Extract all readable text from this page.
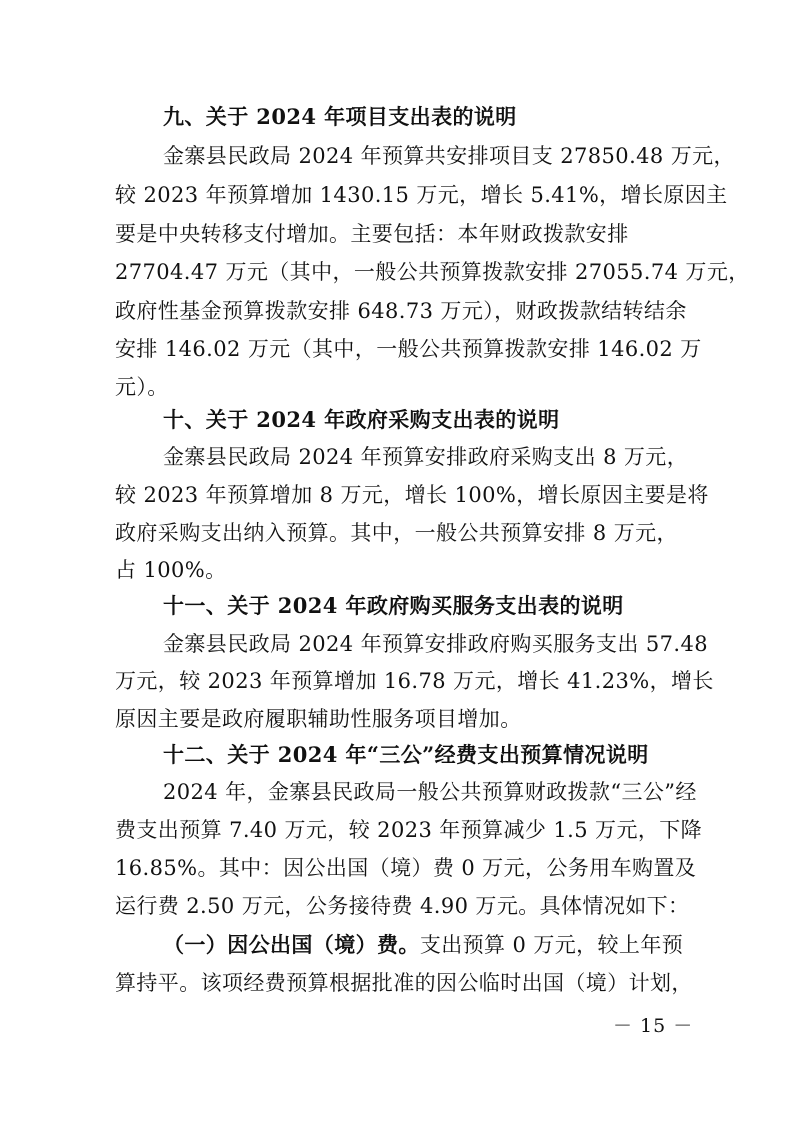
九、关于 2024 年项目支出表的说明

金寨县民政局 2024 年预算共安排项目支 27850.48 万元，

较 2023 年预算增加 1430.15 万元，增长 5.41%，增长原因主

要是中央转移支付增加。主要包括：本年财政拨款安排

27704.47 万元（其中，一般公共预算拨款安排 27055.74 万元，

政府性基金预算拨款安排 648.73 万元），财政拨款结转结余

安排 146.02 万元（其中，一般公共预算拨款安排 146.02 万

元）。

十、关于 2024 年政府采购支出表的说明

金寨县民政局 2024 年预算安排政府采购支出 8 万元，

较 2023 年预算增加 8 万元，增长 100%，增长原因主要是将

政府采购支出纳入预算。其中，一般公共预算安排 8 万元，

占 100%。

十一、关于 2024 年政府购买服务支出表的说明

金寨县民政局 2024 年预算安排政府购买服务支出 57.48

万元，较 2023 年预算增加 16.78 万元，增长 41.23%，增长

原因主要是政府履职辅助性服务项目增加。

十二、关于 2024 年“三公”经费支出预算情况说明

2024 年，金寨县民政局一般公共预算财政拨款“三公”经

费支出预算 7.40 万元，较 2023 年预算减少 1.5 万元，下降

16.85%。其中：因公出国（境）费 0 万元，公务用车购置及

运行费 2.50 万元，公务接待费 4.90 万元。具体情况如下：

（一）因公出国（境）费。支出预算 0 万元，较上年预

算持平。该项经费预算根据批准的因公临时出国（境）计划，

－ 15 －
